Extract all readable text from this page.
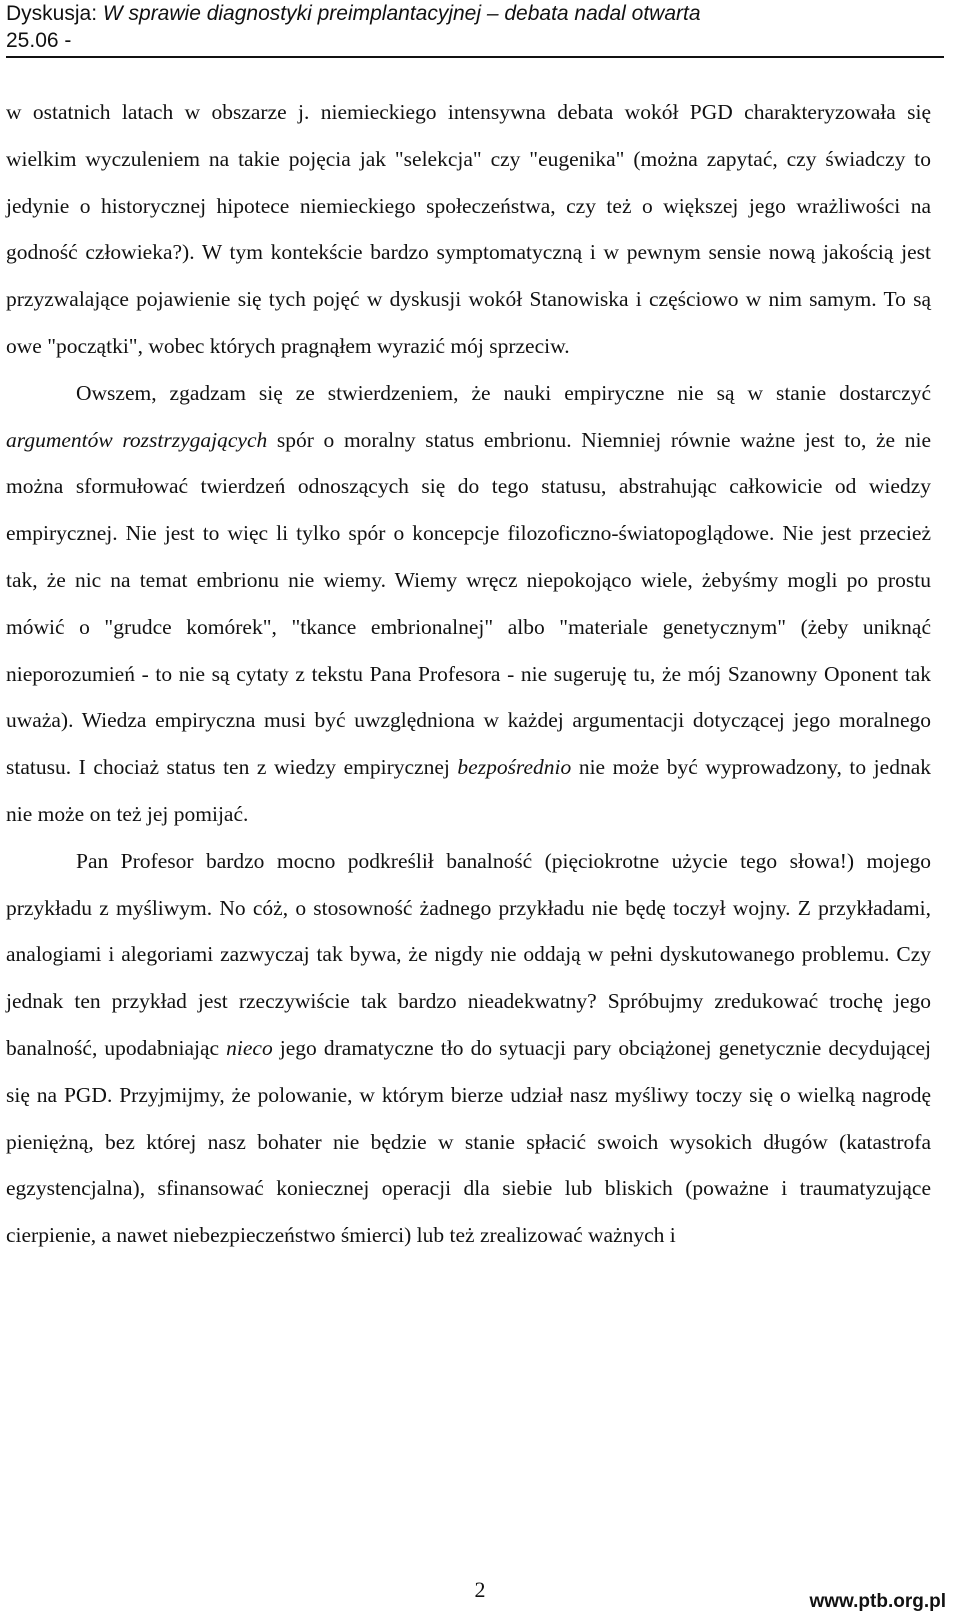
Dyskusja: W sprawie diagnostyki preimplantacyjnej – debata nadal otwarta
25.06 -

w ostatnich latach w obszarze j. niemieckiego intensywna debata wokół PGD charakteryzowała się wielkim wyczuleniem na takie pojęcia jak "selekcja" czy "eugenika" (można zapytać, czy świadczy to jedynie o historycznej hipotece niemieckiego społeczeństwa, czy też o większej jego wrażliwości na godność człowieka?). W tym kontekście bardzo symptomatyczną i w pewnym sensie nową jakością jest przyzwalające pojawienie się tych pojęć w dyskusji wokół Stanowiska i częściowo w nim samym. To są owe "początki", wobec których pragnąłem wyrazić mój sprzeciw.

Owszem, zgadzam się ze stwierdzeniem, że nauki empiryczne nie są w stanie dostarczyć argumentów rozstrzygających spór o moralny status embrionu. Niemniej równie ważne jest to, że nie można sformułować twierdzeń odnoszących się do tego statusu, abstrahując całkowicie od wiedzy empirycznej. Nie jest to więc li tylko spór o koncepcje filozoficzno-światopoglądowe. Nie jest przecież tak, że nic na temat embrionu nie wiemy. Wiemy wręcz niepokojąco wiele, żebyśmy mogli po prostu mówić o "grudce komórek", "tkance embrionalnej" albo "materiale genetycznym" (żeby uniknąć nieporozumień - to nie są cytaty z tekstu Pana Profesora - nie sugeruję tu, że mój Szanowny Oponent tak uważa). Wiedza empiryczna musi być uwzględniona w każdej argumentacji dotyczącej jego moralnego statusu. I chociaż status ten z wiedzy empirycznej bezpośrednio nie może być wyprowadzony, to jednak nie może on też jej pomijać.

Pan Profesor bardzo mocno podkreślił banalność (pięciokrotne użycie tego słowa!) mojego przykładu z myśliwym. No cóż, o stosowność żadnego przykładu nie będę toczył wojny. Z przykładami, analogiami i alegoriami zazwyczaj tak bywa, że nigdy nie oddają w pełni dyskutowanego problemu. Czy jednak ten przykład jest rzeczywiście tak bardzo nieadekwatny? Spróbujmy zredukować trochę jego banalność, upodabniając nieco jego dramatyczne tło do sytuacji pary obciążonej genetycznie decydującej się na PGD. Przyjmijmy, że polowanie, w którym bierze udział nasz myśliwy toczy się o wielką nagrodę pieniężną, bez której nasz bohater nie będzie w stanie spłacić swoich wysokich długów (katastrofa egzystencjalna), sfinansować koniecznej operacji dla siebie lub bliskich (poważne i traumatyzujące cierpienie, a nawet niebezpieczeństwo śmierci) lub też zrealizować ważnych i

2	www.ptb.org.pl
